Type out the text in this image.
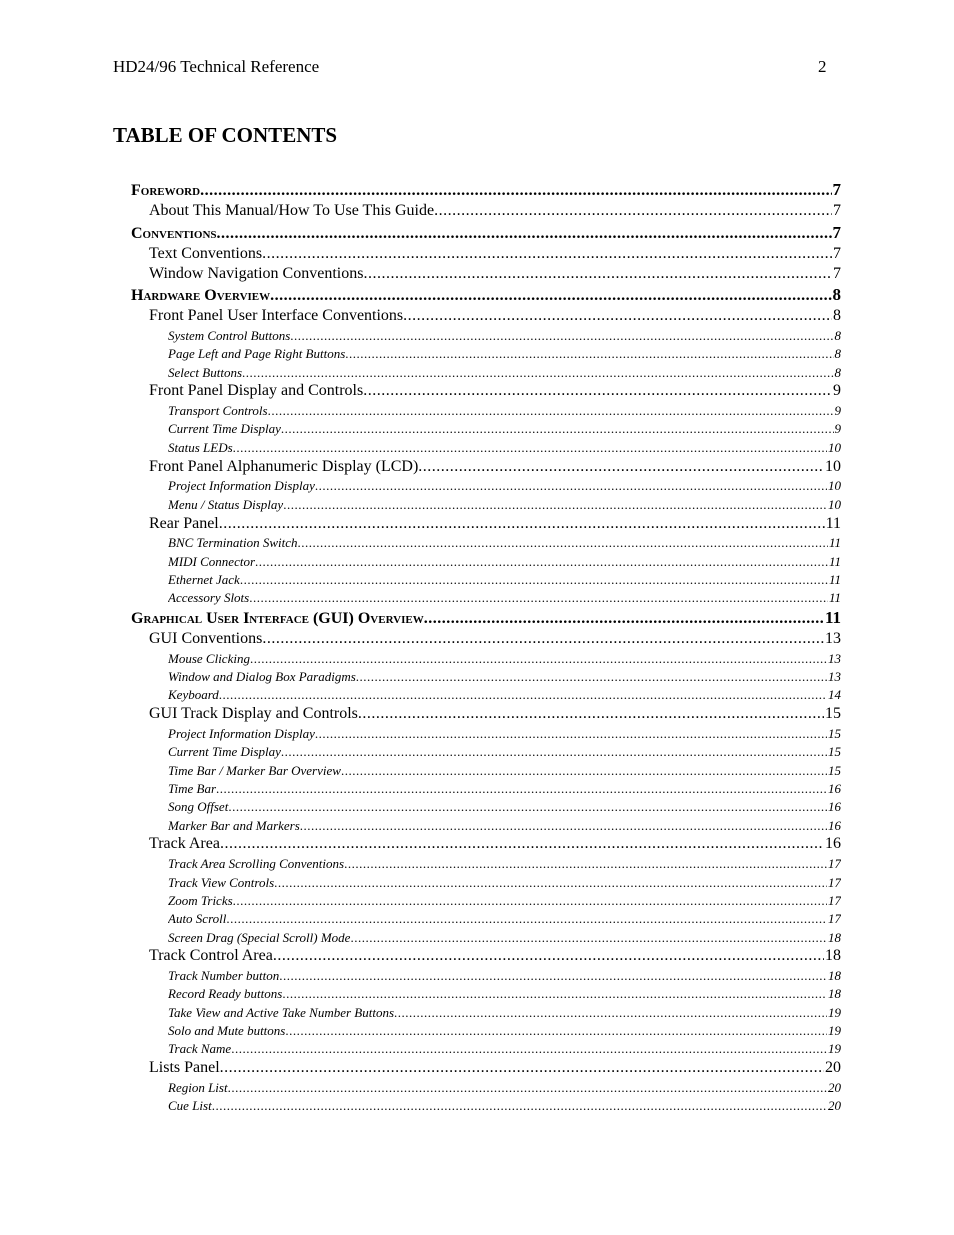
HD24/96 Technical Reference	2
TABLE OF CONTENTS
Foreword .....	7
About This Manual/How To Use This Guide .....	7
Conventions .....	7
Text Conventions .....	7
Window Navigation Conventions .....	7
Hardware Overview .....	8
Front Panel User Interface Conventions .....	8
System Control Buttons .....	8
Page Left and Page Right Buttons .....	8
Select Buttons .....	8
Front Panel Display and Controls .....	9
Transport Controls .....	9
Current Time Display .....	9
Status LEDs .....	10
Front Panel Alphanumeric Display (LCD) .....	10
Project Information Display .....	10
Menu / Status Display .....	10
Rear Panel .....	11
BNC Termination Switch .....	11
MIDI Connector .....	11
Ethernet Jack .....	11
Accessory Slots .....	11
Graphical User Interface (GUI) Overview .....	11
GUI Conventions .....	13
Mouse Clicking .....	13
Window and Dialog Box Paradigms .....	13
Keyboard .....	14
GUI Track Display and Controls .....	15
Project Information Display .....	15
Current Time Display .....	15
Time Bar / Marker Bar Overview .....	15
Time Bar .....	16
Song Offset .....	16
Marker Bar and Markers .....	16
Track Area .....	16
Track Area Scrolling Conventions .....	17
Track View Controls .....	17
Zoom Tricks .....	17
Auto Scroll .....	17
Screen Drag (Special Scroll) Mode .....	18
Track Control Area .....	18
Track Number button .....	18
Record Ready buttons .....	18
Take View and Active Take Number Buttons .....	19
Solo and Mute buttons .....	19
Track Name .....	19
Lists Panel .....	20
Region List .....	20
Cue List .....	20
